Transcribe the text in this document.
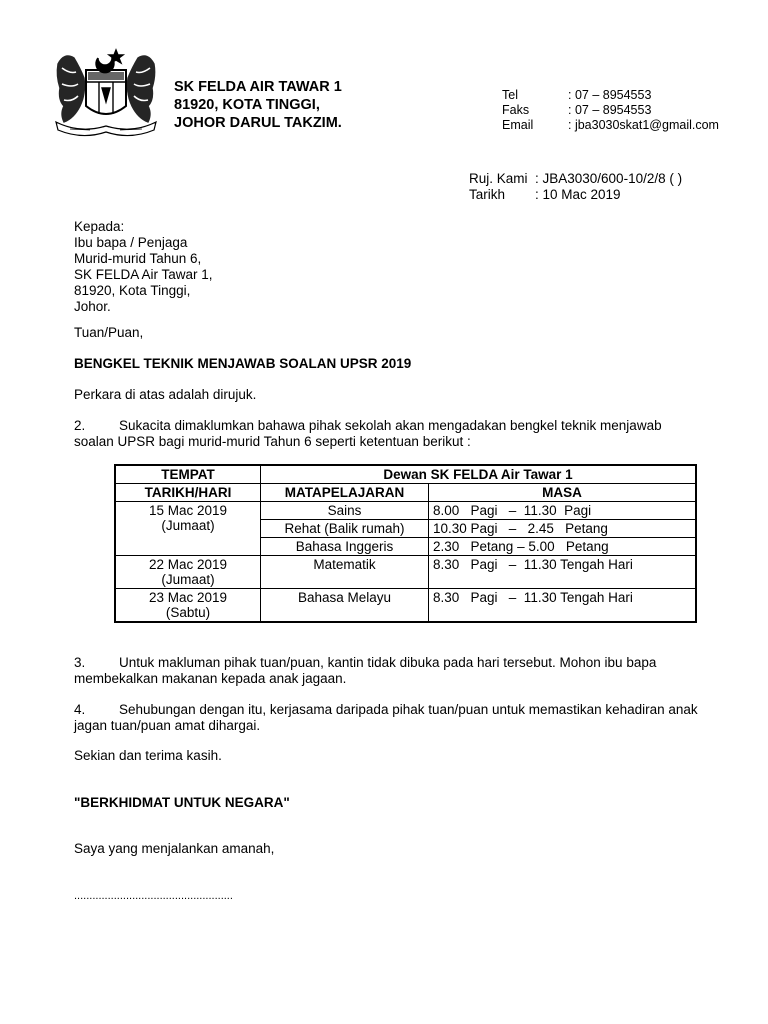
SK FELDA AIR TAWAR 1
81920, KOTA TINGGI,
JOHOR DARUL TAKZIM.
Tel	: 07 – 8954553
Faks	: 07 – 8954553
Email	: jba3030skat1@gmail.com
Ruj. Kami : JBA3030/600-10/2/8 ( )
Tarikh	: 10 Mac 2019
Kepada:
Ibu bapa / Penjaga
Murid-murid Tahun 6,
SK FELDA Air Tawar 1,
81920, Kota Tinggi,
Johor.
Tuan/Puan,
BENGKEL TEKNIK MENJAWAB SOALAN UPSR 2019
Perkara di atas adalah dirujuk.
2. Sukacita dimaklumkan bahawa pihak sekolah akan mengadakan bengkel teknik menjawab soalan UPSR bagi murid-murid Tahun 6 seperti ketentuan berikut :
TEMPAT	Dewan SK FELDA Air Tawar 1	
TARIKH/HARI	MATAPELAJARAN	MASA

15 Mac 2019
(Jumaat)	Sains	8.00   Pagi   –  11.30  Pagi
	Rehat (Balik rumah)	10.30 Pagi   –   2.45   Petang
	Bahasa Inggeris	2.30   Petang – 5.00   Petang

22 Mac 2019
(Jumaat)	Matematik	8.30   Pagi   –  11.30 Tengah Hari

23 Mac 2019
(Sabtu)	Bahasa Melayu	8.30   Pagi   –  11.30 Tengah Hari
3. Untuk makluman pihak tuan/puan, kantin tidak dibuka pada hari tersebut. Mohon ibu bapa membekalkan makanan kepada anak jagaan.
4. Sehubungan dengan itu, kerjasama daripada pihak tuan/puan untuk memastikan kehadiran anak jagan tuan/puan amat dihargai.
Sekian dan terima kasih.
"BERKHIDMAT UNTUK NEGARA"
Saya yang menjalankan amanah,
....................................................
